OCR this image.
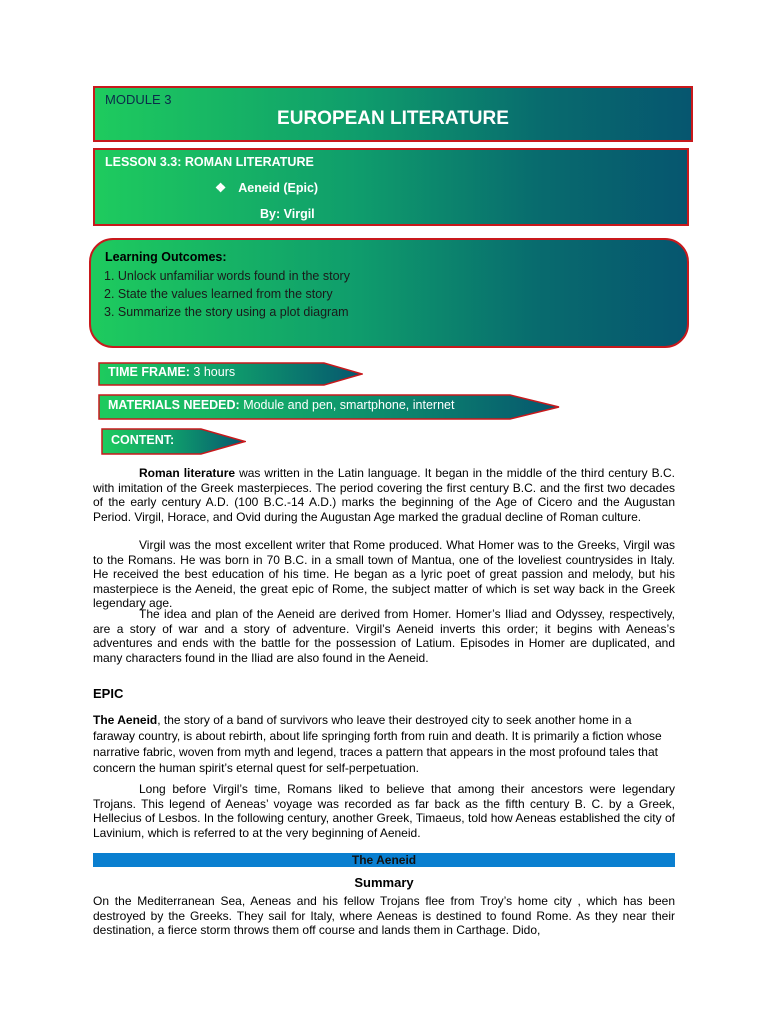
MODULE 3
EUROPEAN LITERATURE
LESSON 3.3: ROMAN LITERATURE
❖ Aeneid (Epic)
By: Virgil
Learning Outcomes:
1. Unlock unfamiliar words found in the story
2. State the values learned from the story
3. Summarize the story using a plot diagram
TIME FRAME: 3 hours
MATERIALS NEEDED: Module and pen, smartphone, internet
CONTENT:

Roman literature was written in the Latin language. It began in the middle of the third century B.C. with imitation of the Greek masterpieces. The period covering the first century B.C. and the first two decades of the early century A.D. (100 B.C.-14 A.D.) marks the beginning of the Age of Cicero and the Augustan Period. Virgil, Horace, and Ovid during the Augustan Age marked the gradual decline of Roman culture.

Virgil was the most excellent writer that Rome produced. What Homer was to the Greeks, Virgil was to the Romans. He was born in 70 B.C. in a small town of Mantua, one of the loveliest countrysides in Italy. He received the best education of his time. He began as a lyric poet of great passion and melody, but his masterpiece is the Aeneid, the great epic of Rome, the subject matter of which is set way back in the Greek legendary age.

The idea and plan of the Aeneid are derived from Homer. Homer’s Iliad and Odyssey, respectively, are a story of war and a story of adventure. Virgil’s Aeneid inverts this order; it begins with Aeneas’s adventures and ends with the battle for the possession of Latium. Episodes in Homer are duplicated, and many characters found in the Iliad are also found in the Aeneid.

EPIC

The Aeneid, the story of a band of survivors who leave their destroyed city to seek another home in a faraway country, is about rebirth, about life springing forth from ruin and death. It is primarily a fiction whose narrative fabric, woven from myth and legend, traces a pattern that appears in the most profound tales that concern the human spirit’s eternal quest for self-perpetuation.

Long before Virgil’s time, Romans liked to believe that among their ancestors were legendary Trojans. This legend of Aeneas’ voyage was recorded as far back as the fifth century B. C. by a Greek, Hellecius of Lesbos. In the following century, another Greek, Timaeus, told how Aeneas established the city of Lavinium, which is referred to at the very beginning of Aeneid.

The Aeneid
Summary

On the Mediterranean Sea, Aeneas and his fellow Trojans flee from Troy’s home city , which has been destroyed by the Greeks. They sail for Italy, where Aeneas is destined to found Rome. As they near their destination, a fierce storm throws them off course and lands them in Carthage. Dido,
